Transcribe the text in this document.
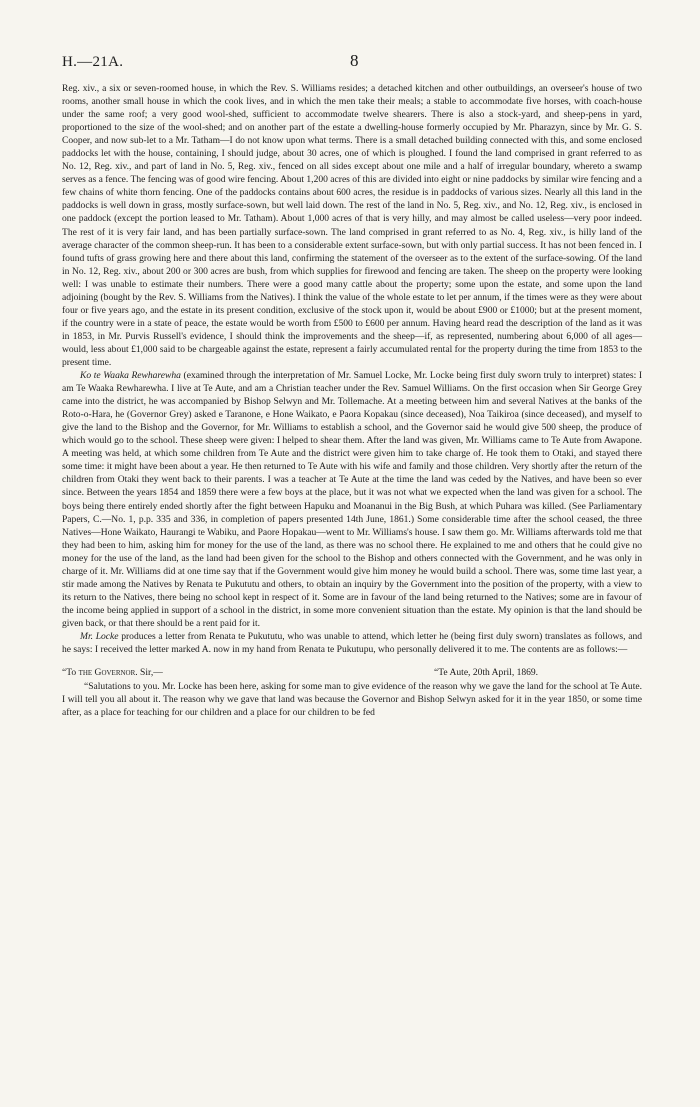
H.—21A.	8

Reg. xiv., a six or seven-roomed house, in which the Rev. S. Williams resides; a detached kitchen and other outbuildings, an overseer's house of two rooms, another small house in which the cook lives, and in which the men take their meals; a stable to accommodate five horses, with coach-house under the same roof; a very good wool-shed, sufficient to accommodate twelve shearers. There is also a stock-yard, and sheep-pens in yard, proportioned to the size of the wool-shed; and on another part of the estate a dwelling-house formerly occupied by Mr. Pharazyn, since by Mr. G. S. Cooper, and now sub-let to a Mr. Tatham—I do not know upon what terms. There is a small detached building connected with this, and some enclosed paddocks let with the house, containing, I should judge, about 30 acres, one of which is ploughed. I found the land comprised in grant referred to as No. 12, Reg. xiv., and part of land in No. 5, Reg. xiv., fenced on all sides except about one mile and a half of irregular boundary, whereto a swamp serves as a fence. The fencing was of good wire fencing. About 1,200 acres of this are divided into eight or nine paddocks by similar wire fencing and a few chains of white thorn fencing. One of the paddocks contains about 600 acres, the residue is in paddocks of various sizes. Nearly all this land in the paddocks is well down in grass, mostly surface-sown, but well laid down. The rest of the land in No. 5, Reg. xiv., and No. 12, Reg. xiv., is enclosed in one paddock (except the portion leased to Mr. Tatham). About 1,000 acres of that is very hilly, and may almost be called useless—very poor indeed. The rest of it is very fair land, and has been partially surface-sown. The land comprised in grant referred to as No. 4, Reg. xiv., is hilly land of the average character of the common sheep-run. It has been to a considerable extent surface-sown, but with only partial success. It has not been fenced in. I found tufts of grass growing here and there about this land, confirming the statement of the overseer as to the extent of the surface-sowing. Of the land in No. 12, Reg. xiv., about 200 or 300 acres are bush, from which supplies for firewood and fencing are taken. The sheep on the property were looking well: I was unable to estimate their numbers. There were a good many cattle about the property; some upon the estate, and some upon the land adjoining (bought by the Rev. S. Williams from the Natives). I think the value of the whole estate to let per annum, if the times were as they were about four or five years ago, and the estate in its present condition, exclusive of the stock upon it, would be about £900 or £1000; but at the present moment, if the country were in a state of peace, the estate would be worth from £500 to £600 per annum. Having heard read the description of the land as it was in 1853, in Mr. Purvis Russell's evidence, I should think the improvements and the sheep—if, as represented, numbering about 6,000 of all ages—would, less about £1,000 said to be chargeable against the estate, represent a fairly accumulated rental for the property during the time from 1853 to the present time.

Ko te Waaka Rewharewha (examined through the interpretation of Mr. Samuel Locke, Mr. Locke being first duly sworn truly to interpret) states: I am Te Waaka Rewharewha. I live at Te Aute, and am a Christian teacher under the Rev. Samuel Williams. On the first occasion when Sir George Grey came into the district, he was accompanied by Bishop Selwyn and Mr. Tollemache. At a meeting between him and several Natives at the banks of the Roto-o-Hara, he (Governor Grey) asked e Taranone, e Hone Waikato, e Paora Kopakau (since deceased), Noa Taikiroa (since deceased), and myself to give the land to the Bishop and the Governor, for Mr. Williams to establish a school, and the Governor said he would give 500 sheep, the produce of which would go to the school. These sheep were given: I helped to shear them. After the land was given, Mr. Williams came to Te Aute from Awapone. A meeting was held, at which some children from Te Aute and the district were given him to take charge of. He took them to Otaki, and stayed there some time: it might have been about a year. He then returned to Te Aute with his wife and family and those children. Very shortly after the return of the children from Otaki they went back to their parents. I was a teacher at Te Aute at the time the land was ceded by the Natives, and have been so ever since. Between the years 1854 and 1859 there were a few boys at the place, but it was not what we expected when the land was given for a school. The boys being there entirely ended shortly after the fight between Hapuku and Moananui in the Big Bush, at which Puhara was killed. (See Parliamentary Papers, C.—No. 1, p.p. 335 and 336, in completion of papers presented 14th June, 1861.) Some considerable time after the school ceased, the three Natives—Hone Waikato, Haurangi te Wabiku, and Paore Hopakau—went to Mr. Williams's house. I saw them go. Mr. Williams afterwards told me that they had been to him, asking him for money for the use of the land, as there was no school there. He explained to me and others that he could give no money for the use of the land, as the land had been given for the school to the Bishop and others connected with the Government, and he was only in charge of it. Mr. Williams did at one time say that if the Government would give him money he would build a school. There was, some time last year, a stir made among the Natives by Renata te Pukututu and others, to obtain an inquiry by the Government into the position of the property, with a view to its return to the Natives, there being no school kept in respect of it. Some are in favour of the land being returned to the Natives; some are in favour of the income being applied in support of a school in the district, in some more convenient situation than the estate. My opinion is that the land should be given back, or that there should be a rent paid for it.

Mr. Locke produces a letter from Renata te Pukututu, who was unable to attend, which letter he (being first duly sworn) translates as follows, and he says: I received the letter marked A. now in my hand from Renata te Pukutupu, who personally delivered it to me. The contents are as follows:—

“To the Governor. Sir,—	“Te Aute, 20th April, 1869.

“Salutations to you. Mr. Locke has been here, asking for some man to give evidence of the reason why we gave the land for the school at Te Aute. I will tell you all about it. The reason why we gave that land was because the Governor and Bishop Selwyn asked for it in the year 1850, or some time after, as a place for teaching for our children and a place for our children to be fed
